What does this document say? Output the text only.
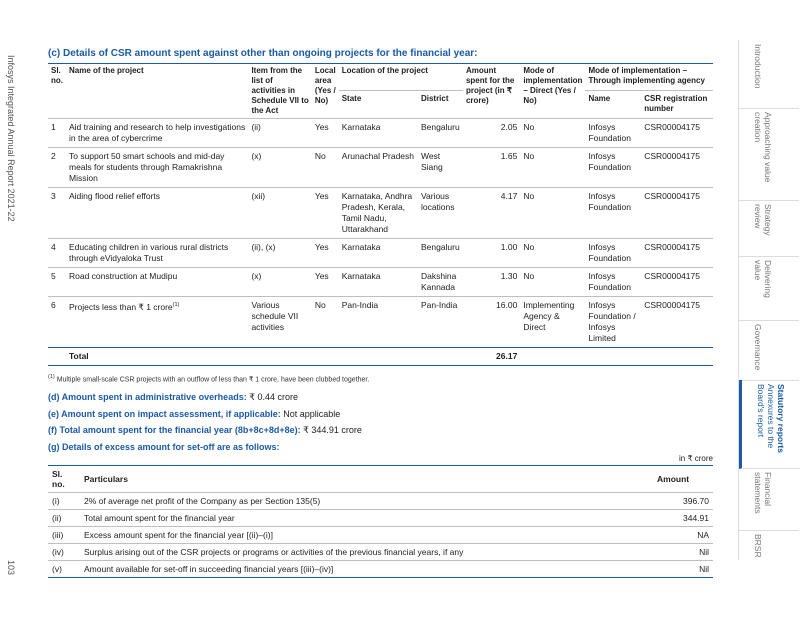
Infosys Integrated Annual Report 2021-22
103
(c) Details of CSR amount spent against other than ongoing projects for the financial year:
Sl. no.	Name of the project	Item from the list of activities in Schedule VII to the Act	Local area (Yes / No)	Location of the project		Amount spent for the project (in ₹ crore)	Mode of implementation – Direct (Yes / No)	Mode of implementation – Through implementing agency	
				State	District			Name	CSR registration number
1	Aid training and research to help investigations in the area of cybercrime	(ii)	Yes	Karnataka	Bengaluru	2.05	No	Infosys Foundation	CSR00004175
2	To support 50 smart schools and mid-day meals for students through Ramakrishna Mission	(x)	No	Arunachal Pradesh	West Siang	1.65	No	Infosys Foundation	CSR00004175
3	Aiding flood relief efforts	(xii)	Yes	Karnataka, Andhra Pradesh, Kerala, Tamil Nadu, Uttarakhand	Various locations	4.17	No	Infosys Foundation	CSR00004175
4	Educating children in various rural districts through eVidyaloka Trust	(ii), (x)	Yes	Karnataka	Bengaluru	1.00	No	Infosys Foundation	CSR00004175
5	Road construction at Mudipu	(x)	Yes	Karnataka	Dakshina Kannada	1.30	No	Infosys Foundation	CSR00004175
6	Projects less than ₹ 1 crore$^{(1)}$	Various schedule VII activities	No	Pan-India	Pan-India	16.00	Implementing Agency & Direct	Infosys Foundation / Infosys Limited	CSR00004175
	Total					26.17			
$^{(1)}$ Multiple small-scale CSR projects with an outflow of less than ₹ 1 crore, have been clubbed together.
(d) Amount spent in administrative overheads: ₹ 0.44 crore
(e) Amount spent on impact assessment, if applicable: Not applicable
(f) Total amount spent for the financial year (8b+8c+8d+8e): ₹ 344.91 crore
(g) Details of excess amount for set-off are as follows:
in ₹ crore
Sl. no.	Particulars	Amount
(i)	2% of average net profit of the Company as per Section 135(5)	396.70
(ii)	Total amount spent for the financial year	344.91
(iii)	Excess amount spent for the financial year [(ii)–(i)]	NA
(iv)	Surplus arising out of the CSR projects or programs or activities of the previous financial years, if any	Nil
(v)	Amount available for set-off in succeeding financial years [(iii)–(iv)]	Nil
Introduction
Approaching value creation
Strategy review
Delivering value
Governance
Statutory reports
Annexures to the Board's report
Financial statements
BRSR
